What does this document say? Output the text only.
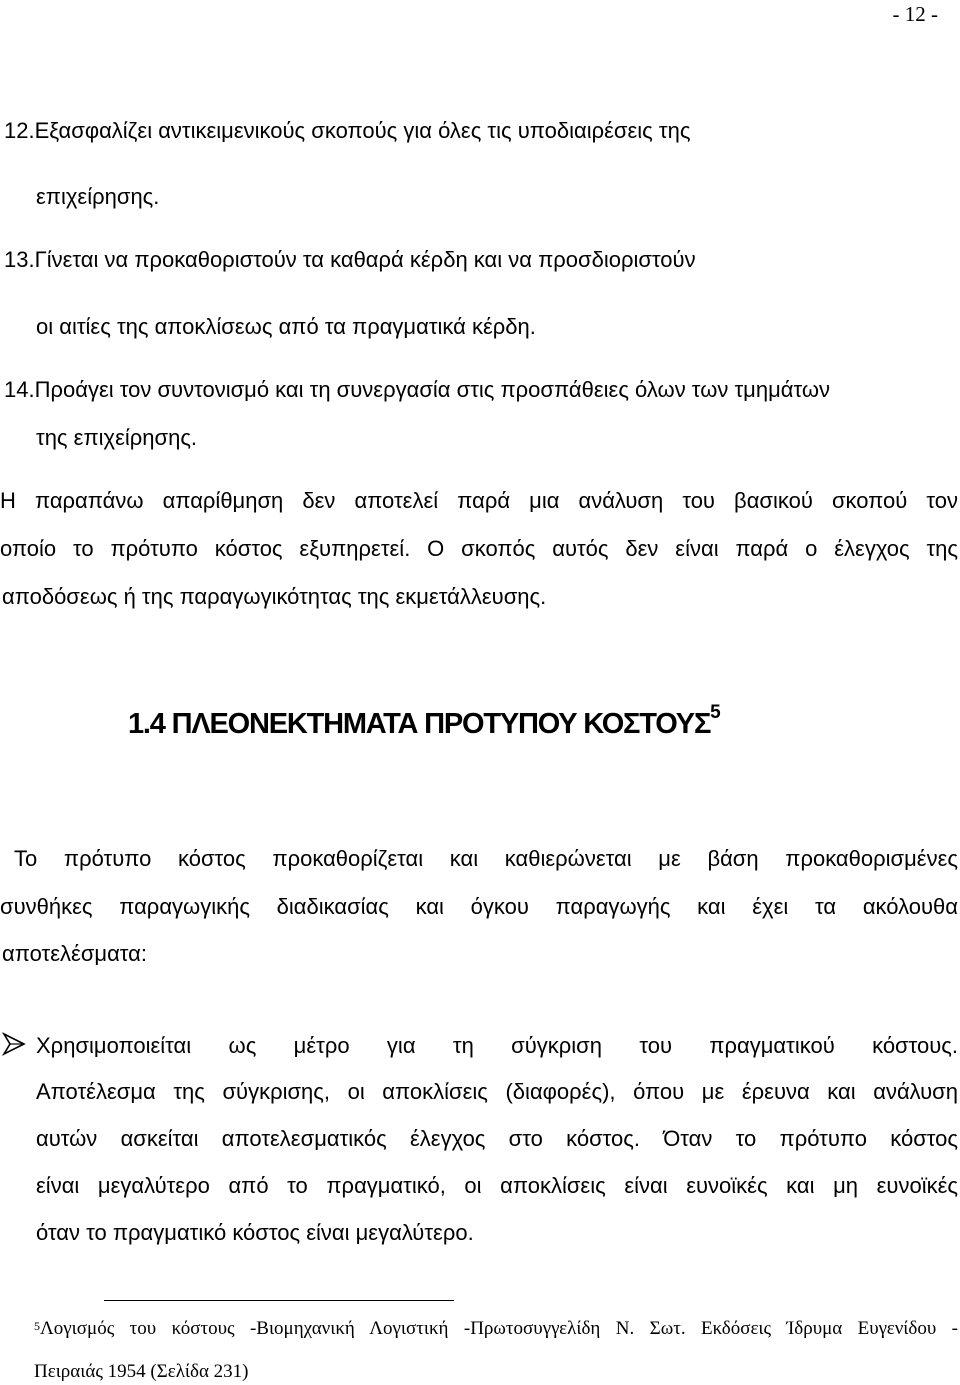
- 12 -
12.Εξασφαλίζει αντικειμενικούς σκοπούς για όλες τις υποδιαιρέσεις της
επιχείρησης.
13.Γίνεται να προκαθοριστούν τα καθαρά κέρδη και να προσδιοριστούν
οι αιτίες της αποκλίσεως από τα πραγματικά κέρδη.
14.Προάγει τον συντονισμό και τη συνεργασία στις προσπάθειες όλων των τμημάτων
της επιχείρησης.
Η παραπάνω απαρίθμηση δεν αποτελεί παρά μια ανάλυση του βασικού σκοπού τον
οποίο το πρότυπο κόστος εξυπηρετεί. Ο σκοπός αυτός δεν είναι παρά ο έλεγχος της
αποδόσεως ή της παραγωγικότητας της εκμετάλλευσης.
1.4 ΠΛΕΟΝΕΚΤΗΜΑΤΑ ΠΡΟΤΥΠΟΥ ΚΟΣΤΟΥΣ$^5$
Το πρότυπο κόστος προκαθορίζεται και καθιερώνεται με βάση προκαθορισμένες
συνθήκες παραγωγικής διαδικασίας και όγκου παραγωγής και έχει τα ακόλουθα
αποτελέσματα:
Χρησιμοποιείται ως μέτρο για τη σύγκριση του πραγματικού κόστους.
Αποτέλεσμα της σύγκρισης, οι αποκλίσεις (διαφορές), όπου με έρευνα και ανάλυση
αυτών ασκείται αποτελεσματικός έλεγχος στο κόστος. Όταν το πρότυπο κόστος
είναι μεγαλύτερο από το πραγματικό, οι αποκλίσεις είναι ευνοϊκές και μη ευνοϊκές
όταν το πραγματικό κόστος είναι μεγαλύτερο.
$^5$Λογισμός του κόστους -Βιομηχανική Λογιστική -Πρωτοσυγγελίδη Ν. Σωτ. Εκδόσεις Ίδρυμα Ευγενίδου -
Πειραιάς 1954 (Σελίδα 231)
